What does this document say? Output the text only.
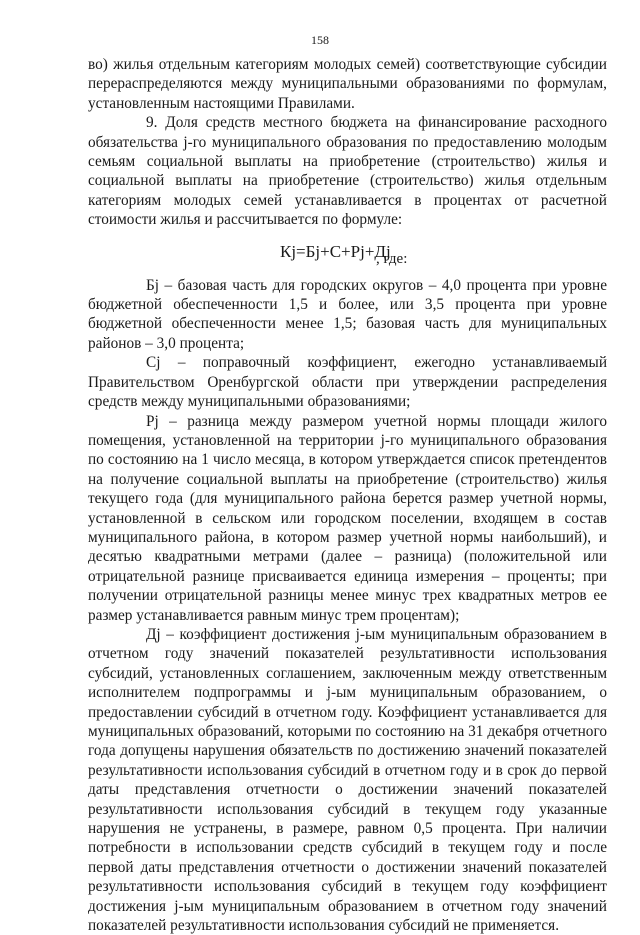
158

во) жилья отдельным категориям молодых семей) соответствующие субсидии перераспределяются между муниципальными образованиями по формулам, установленным настоящими Правилами.

9. Доля средств местного бюджета на финансирование расходного обязательства j-го муниципального образования по предоставлению молодым семьям социальной выплаты на приобретение (строительство) жилья и социальной выплаты на приобретение (строительство) жилья отдельным категориям молодых семей устанавливается в процентах от расчетной стоимости жилья и рассчитывается по формуле:

Кj=Бj+С+Рj+Дj
, где:

Бj – базовая часть для городских округов – 4,0 процента при уровне бюджетной обеспеченности 1,5 и более, или 3,5 процента при уровне бюджетной обеспеченности менее 1,5; базовая часть для муниципальных районов – 3,0 процента;

Сj – поправочный коэффициент, ежегодно устанавливаемый Правительством Оренбургской области при утверждении распределения средств между муниципальными образованиями;

Рj – разница между размером учетной нормы площади жилого помещения, установленной на территории j-го муниципального образования по состоянию на 1 число месяца, в котором утверждается список претендентов на получение социальной выплаты на приобретение (строительство) жилья текущего года (для муниципального района берется размер учетной нормы, установленной в сельском или городском поселении, входящем в состав муниципального района, в котором размер учетной нормы наибольший), и десятью квадратными метрами (далее – разница) (положительной или отрицательной разнице присваивается единица измерения – проценты; при получении отрицательной разницы менее минус трех квадратных метров ее размер устанавливается равным минус трем процентам);

Дj – коэффициент достижения j-ым муниципальным образованием в отчетном году значений показателей результативности использования субсидий, установленных соглашением, заключенным между ответственным исполнителем подпрограммы и j-ым муниципальным образованием, о предоставлении субсидий в отчетном году. Коэффициент устанавливается для муниципальных образований, которыми по состоянию на 31 декабря отчетного года допущены нарушения обязательств по достижению значений показателей результативности использования субсидий в отчетном году и в срок до первой даты представления отчетности о достижении значений показателей результативности использования субсидий в текущем году указанные нарушения не устранены, в размере, равном 0,5 процента. При наличии потребности в использовании средств субсидий в текущем году и после первой даты представления отчетности о достижении значений показателей результативности использования субсидий в текущем году коэффициент достижения j-ым муниципальным образованием в отчетном году значений показателей результативности использования субсидий не применяется.
